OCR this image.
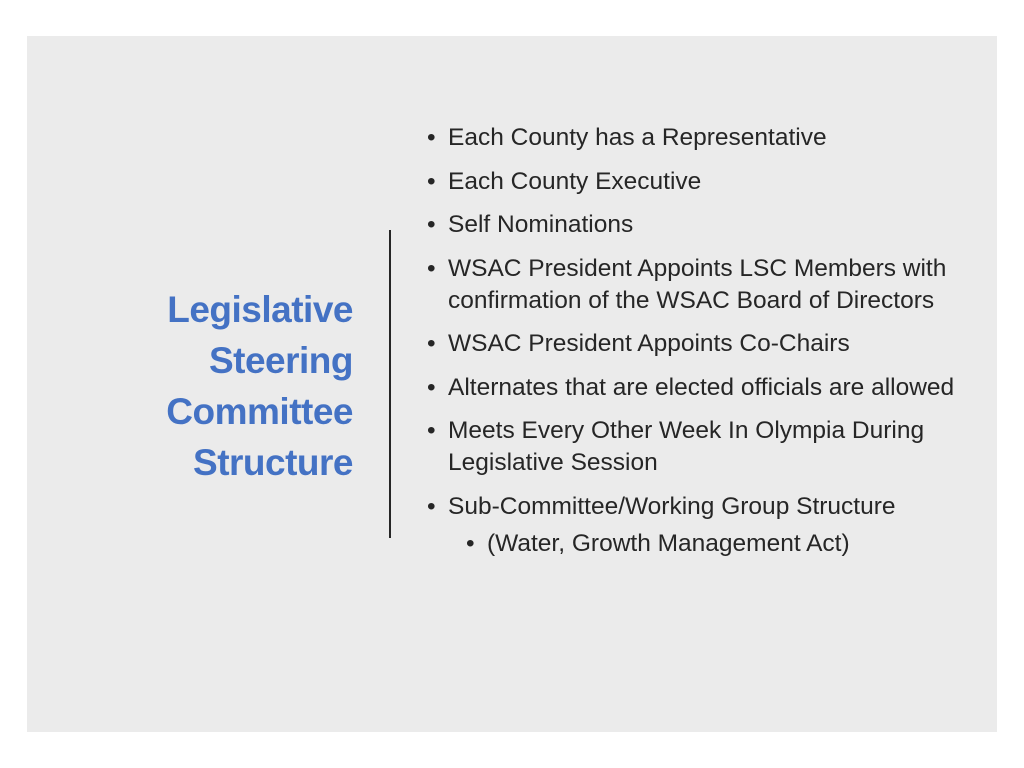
Legislative
Steering
Committee
Structure
• Each County has a Representative
• Each County Executive
• Self Nominations
• WSAC President Appoints LSC Members with confirmation of the WSAC Board of Directors
• WSAC President Appoints Co-Chairs
• Alternates that are elected officials are allowed
• Meets Every Other Week In Olympia During Legislative Session
• Sub-Committee/Working Group Structure
• (Water, Growth Management Act)
